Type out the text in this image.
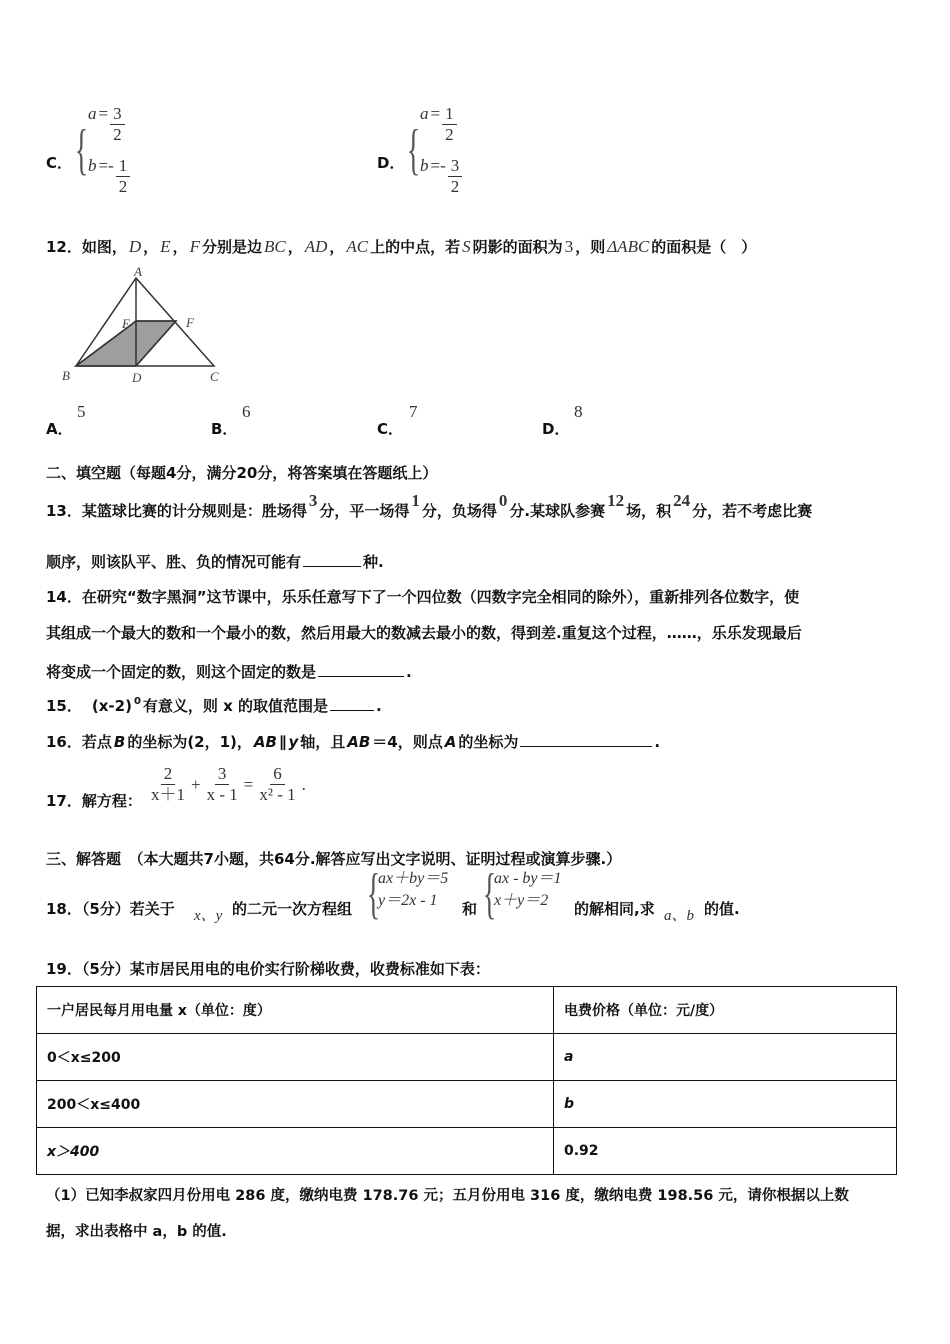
C． {
$a = \frac{3}{2}$
$b =- \frac{1}{2}$	D． {
$a = \frac{1}{2}$
$b =- \frac{3}{2}$
12．如图， D ， E ， F 分别是边 BC ， AD ， AC 上的中点，若 S 阴影的面积为 3 ，则 ΔABC 的面积是（　）
A
E	F
B	D	C
A．
5
B．
6
C．
7
D．
8
二、填空题（每题4分，满分20分，将答案填在答题纸上）
13．某篮球比赛的计分规则是：胜场得
3
分，平一场得
1
分，负场得
0
分.某球队参赛
12
场，积
24
分，若不考虑比赛
顺序，则该队平、胜、负的情况可能有	种.
14．在研究“数字黑洞”这节课中，乐乐任意写下了一个四位数（四数字完全相同的除外），重新排列各位数字，使
其组成一个最大的数和一个最小的数，然后用最大的数减去最小的数，得到差.重复这个过程，……，乐乐发现最后
将变成一个固定的数，则这个固定的数是	.
15． (x-2) 0 有意义，则 x 的取值范围是	.
16．若点 B 的坐标为(2，1)， AB ∥ y 轴，且 AB ＝4，则点 A 的坐标为	.
17．解方程： $\frac{2}{x+1} + \frac{3}{x - 1} = \frac{6}{\text{x² - 1}}$ .
三、解答题　（本大题共7小题，共64分.解答应写出文字说明、证明过程或演算步骤.）
18．（5分）若关于 x、y 的二元一次方程组 {
ax＋by＝5
y＝2x - 1	和 {
ax - by＝1
x＋y＝2	的解相同,求 a、b 的值.
19．（5分）某市居民用电的电价实行阶梯收费，收费标准如下表：
一户居民每月用电量 x（单位：度）	电费价格（单位：元/度）
0＜x≤200	a
200＜x≤400	b
x＞400	0.92
（1）已知李叔家四月份用电 286 度，缴纳电费 178.76 元；五月份用电 316 度，缴纳电费 198.56 元，请你根据以上数
据，求出表格中 a，b 的值.
